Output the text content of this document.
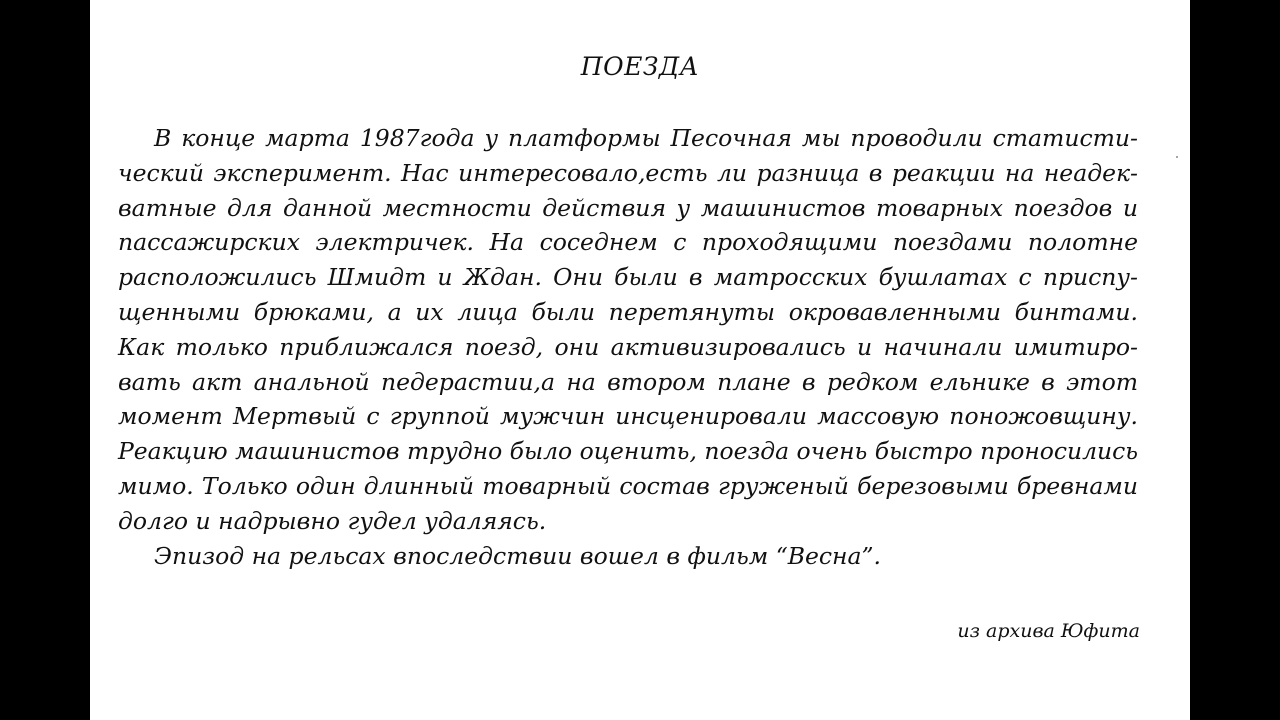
ПОЕЗДА
В конце марта 1987года у платформы Песочная мы проводили статисти-
ческий эксперимент. Нас интересовало,есть ли разница в реакции на неадек-
ватные для данной местности действия у машинистов товарных поездов и
пассажирских электричек. На соседнем с проходящими поездами полотне
расположились Шмидт и Ждан. Они были в матросских бушлатах с приспу-
щенными брюками, а их лица были перетянуты окровавленными бинтами.
Как только приближался поезд, они активизировались и начинали имитиро-
вать акт анальной педерастии,а на втором плане в редком ельнике в этот
момент Мертвый с группой мужчин инсценировали массовую поножовщину.
Реакцию машинистов трудно было оценить, поезда очень быстро проносились
мимо. Только один длинный товарный состав груженый березовыми бревнами
долго и надрывно гудел удаляясь.
Эпизод на рельсах впоследствии вошел в фильм “Весна”.
из архива Юфита
